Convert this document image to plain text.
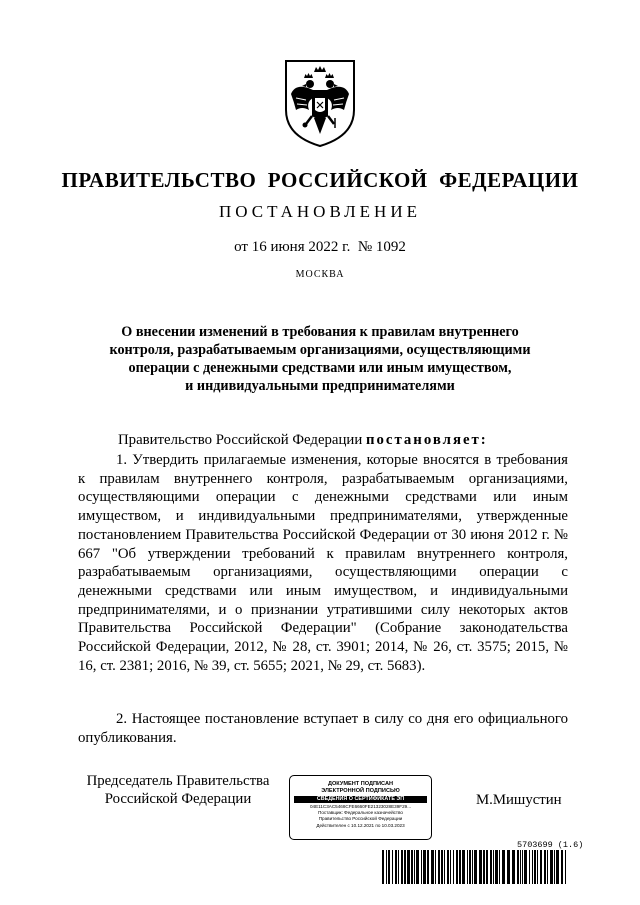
ПРАВИТЕЛЬСТВО  РОССИЙСКОЙ  ФЕДЕРАЦИИ
ПОСТАНОВЛЕНИЕ
от 16 июня 2022 г.  № 1092
МОСКВА
О внесении изменений в требования к правилам внутреннего
контроля, разрабатываемым организациями, осуществляющими
операции с денежными средствами или иным имуществом,
и индивидуальными предпринимателями
Правительство Российской Федерации постановляет:

1. Утвердить прилагаемые изменения, которые вносятся в требования к правилам внутреннего контроля, разрабатываемым организациями, осуществляющими операции с денежными средствами или иным имуществом, и индивидуальными предпринимателями, утвержденные постановлением Правительства Российской Федерации от 30 июня 2012 г. № 667 "Об утверждении требований к правилам внутреннего контроля, разрабатываемым организациями, осуществляющими операции с денежными средствами или иным имуществом, и индивидуальными предпринимателями, и о признании утратившими силу некоторых актов Правительства Российской Федерации" (Собрание законодательства Российской Федерации, 2012, № 28, ст. 3901; 2014, № 26, ст. 3575; 2015, № 16, ст. 2381; 2016, № 39, ст. 5655; 2021, № 29, ст. 5683).

2. Настоящее постановление вступает в силу со дня его официального опубликования.

Председатель Правительства
Российской Федерации
ДОКУМЕНТ ПОДПИСАН
ЭЛЕКТРОННОЙ ПОДПИСЬЮ
СВЕДЕНИЯ О СЕРТИФИКАТЕ ЭП
04E11C3AC5468CFE6660FE21323028E39F29...
Поставщик: Федеральное казначейство
Правительство Российской Федерации
Действителен с 10.12.2021 по 10.03.2023
М.Мишустин
5703699 (1.6)
